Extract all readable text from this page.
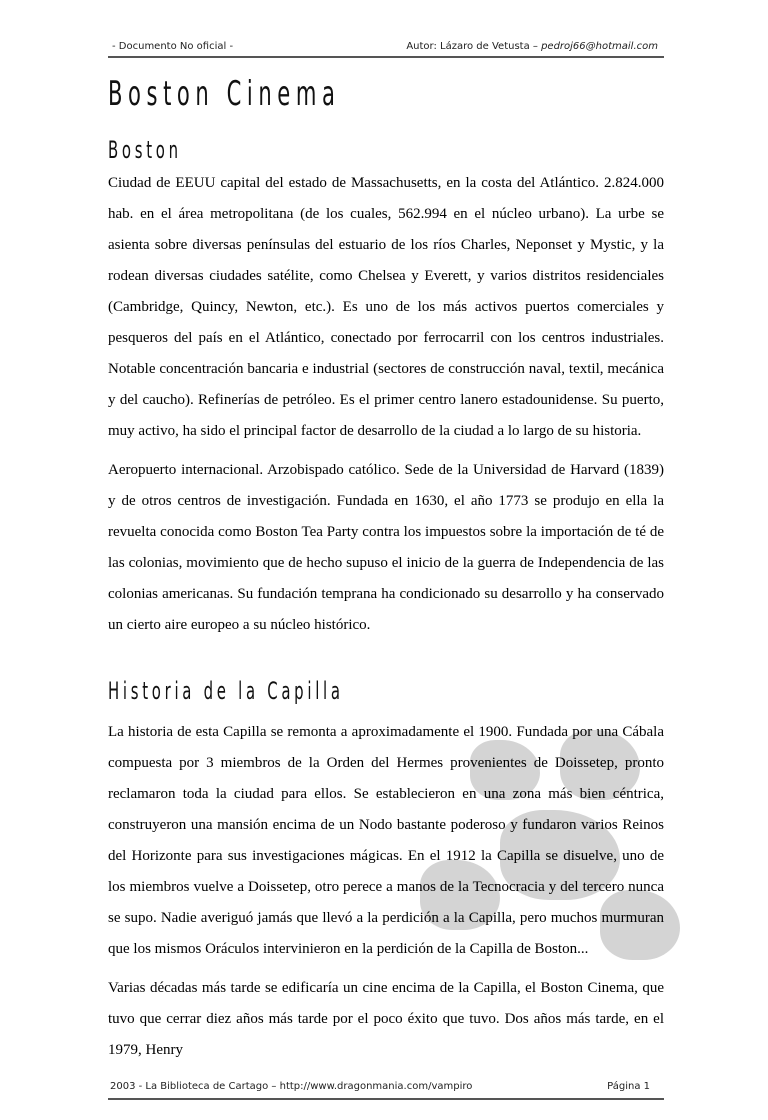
- Documento No oficial -	Autor: Lázaro de Vetusta – pedroj66@hotmail.com
Boston Cinema
Boston

Ciudad de EEUU capital del estado de Massachusetts, en la costa del Atlántico. 2.824.000 hab. en el área metropolitana (de los cuales, 562.994 en el núcleo urbano). La urbe se asienta sobre diversas penínsulas del estuario de los ríos Charles, Neponset y Mystic, y la rodean diversas ciudades satélite, como Chelsea y Everett, y varios distritos residenciales (Cambridge, Quincy, Newton, etc.). Es uno de los más activos puertos comerciales y pesqueros del país en el Atlántico, conectado por ferrocarril con los centros industriales. Notable concentración bancaria e industrial (sectores de construcción naval, textil, mecánica y del caucho). Refinerías de petróleo. Es el primer centro lanero estadounidense. Su puerto, muy activo, ha sido el principal factor de desarrollo de la ciudad a lo largo de su historia.

Aeropuerto internacional. Arzobispado católico. Sede de la Universidad de Harvard (1839) y de otros centros de investigación. Fundada en 1630, el año 1773 se produjo en ella la revuelta conocida como Boston Tea Party contra los impuestos sobre la importación de té de las colonias, movimiento que de hecho supuso el inicio de la guerra de Independencia de las colonias americanas. Su fundación temprana ha condicionado su desarrollo y ha conservado un cierto aire europeo a su núcleo histórico.

Historia de la Capilla

La historia de esta Capilla se remonta a aproximadamente el 1900. Fundada por una Cábala compuesta por 3 miembros de la Orden del Hermes provenientes de Doissetep, pronto reclamaron toda la ciudad para ellos. Se establecieron en una zona más bien céntrica, construyeron una mansión encima de un Nodo bastante poderoso y fundaron varios Reinos del Horizonte para sus investigaciones mágicas. En el 1912 la Capilla se disuelve, uno de los miembros vuelve a Doissetep, otro perece a manos de la Tecnocracia y del tercero nunca se supo. Nadie averiguó jamás que llevó a la perdición a la Capilla, pero muchos murmuran que los mismos Oráculos intervinieron en la perdición de la Capilla de Boston...

Varias décadas más tarde se edificaría un cine encima de la Capilla, el Boston Cinema, que tuvo que cerrar diez años más tarde por el poco éxito que tuvo. Dos años más tarde, en el 1979, Henry

2003 - La Biblioteca de Cartago – http://www.dragonmania.com/vampiro	Página 1
